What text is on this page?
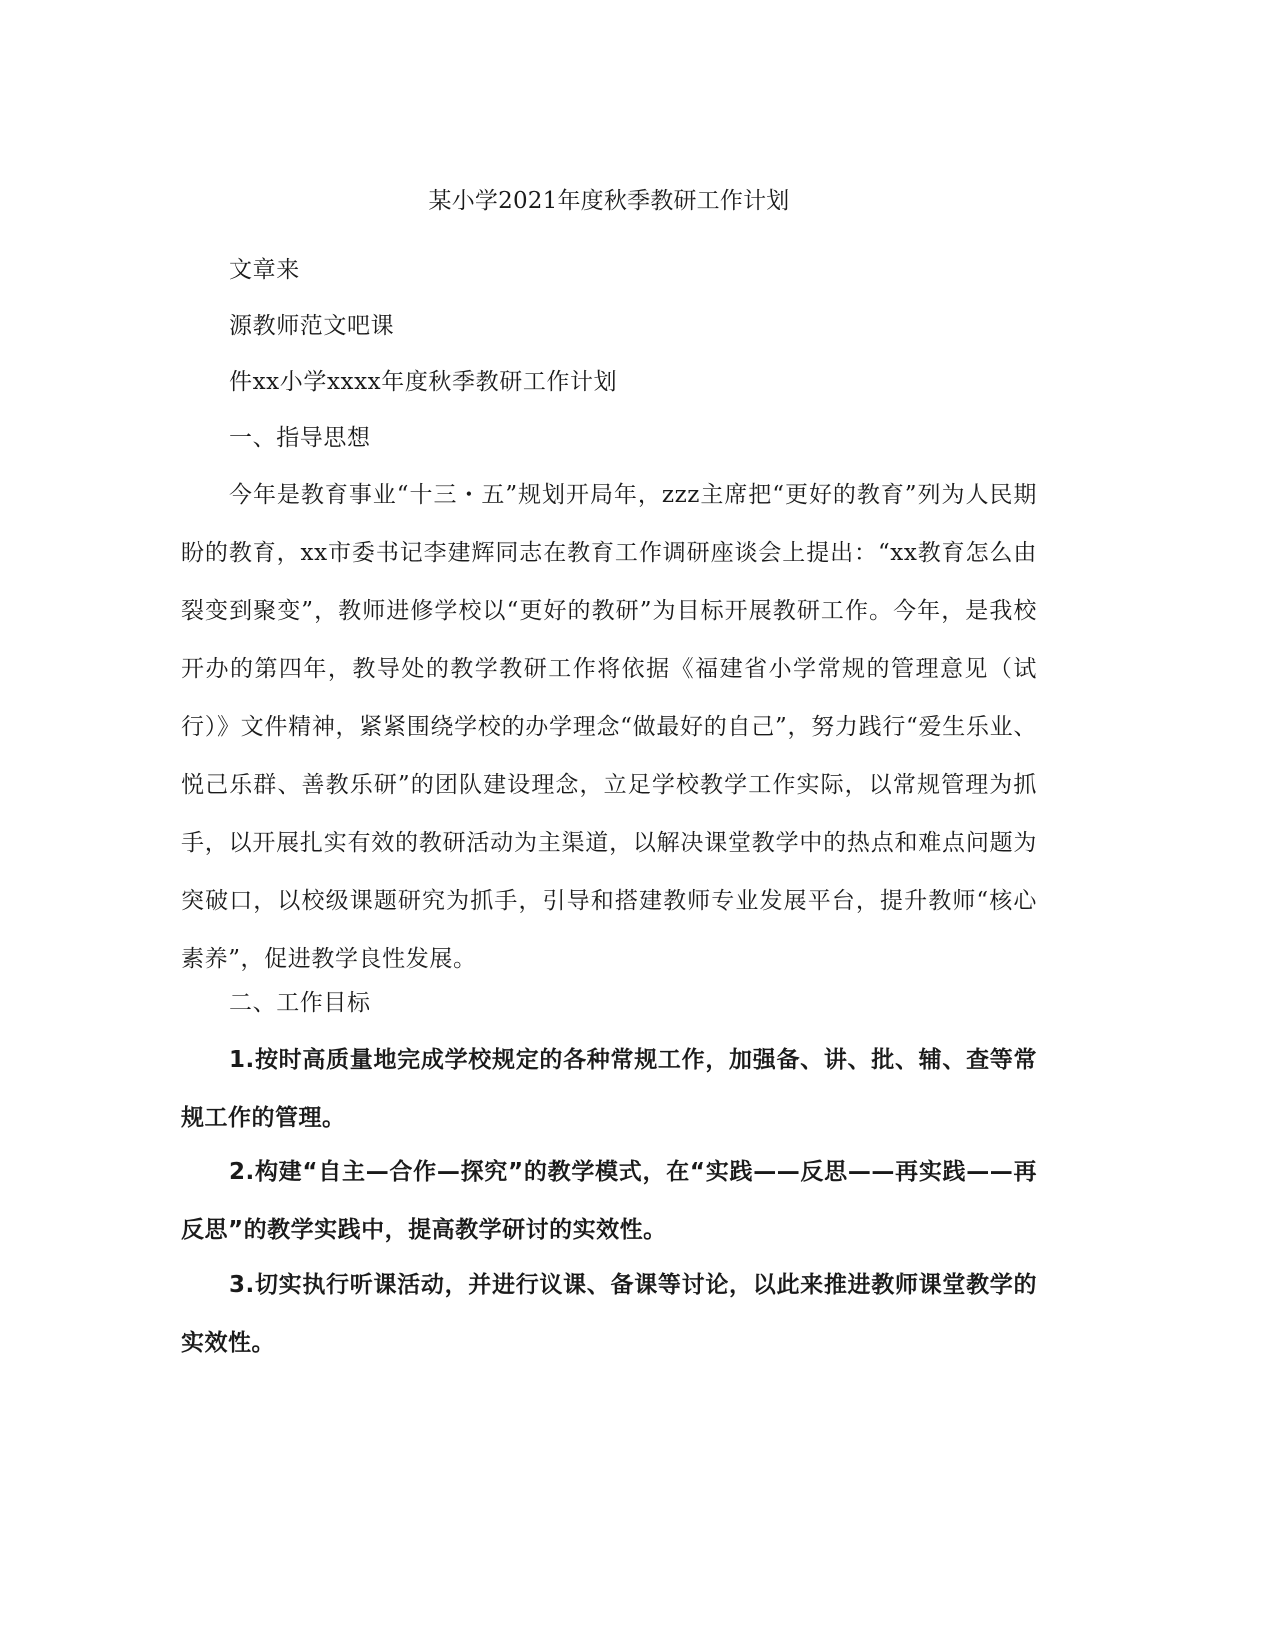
某小学2021年度秋季教研工作计划

文章来

源教师范文吧课

件xx小学xxxx年度秋季教研工作计划

一、指导思想

今年是教育事业“十三・五”规划开局年，zzz主席把“更好的教育”列为人民期盼的教育，xx市委书记李建辉同志在教育工作调研座谈会上提出：“xx教育怎么由裂变到聚变”，教师进修学校以“更好的教研”为目标开展教研工作。今年，是我校开办的第四年，教导处的教学教研工作将依据《福建省小学常规的管理意见（试行）》文件精神，紧紧围绕学校的办学理念“做最好的自己”，努力践行“爱生乐业、悦己乐群、善教乐研”的团队建设理念，立足学校教学工作实际，以常规管理为抓手，以开展扎实有效的教研活动为主渠道，以解决课堂教学中的热点和难点问题为突破口，以校级课题研究为抓手，引导和搭建教师专业发展平台，提升教师“核心素养”，促进教学良性发展。

二、工作目标

1.按时高质量地完成学校规定的各种常规工作，加强备、讲、批、辅、查等常规工作的管理。

2.构建“自主—合作—探究”的教学模式，在“实践——反思——再实践——再反思”的教学实践中，提高教学研讨的实效性。

3.切实执行听课活动，并进行议课、备课等讨论，以此来推进教师课堂教学的实效性。
